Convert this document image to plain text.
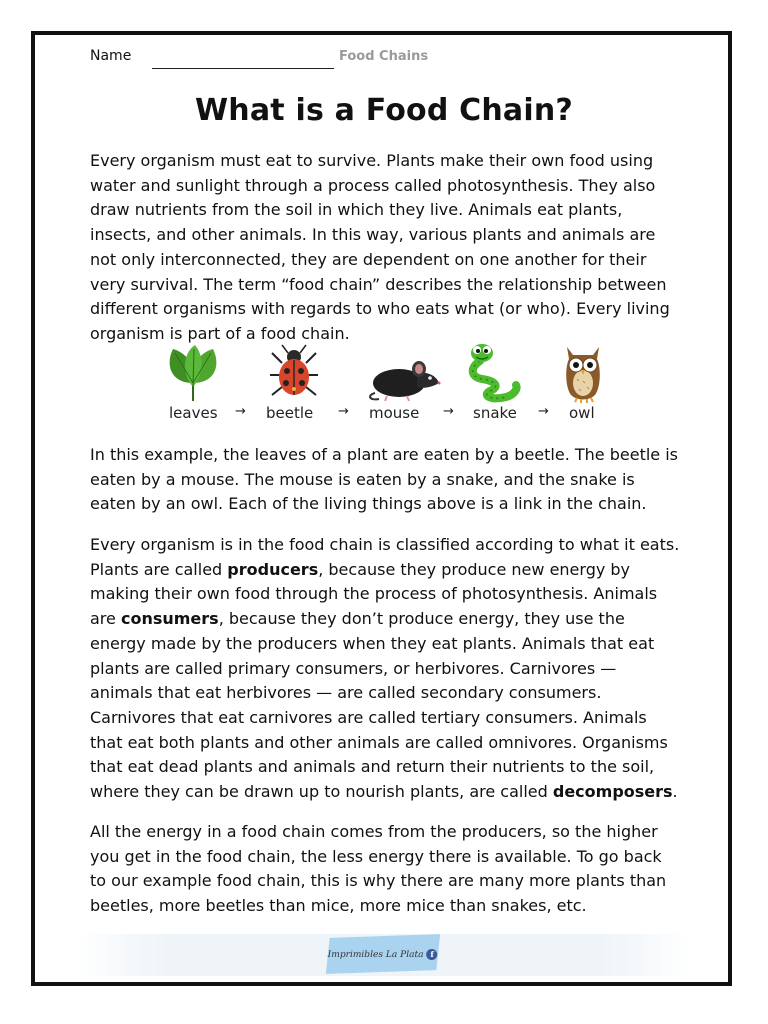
Name	Food Chains
What is a Food Chain?
Every organism must eat to survive. Plants make their own food using water and sunlight through a process called photosynthesis. They also draw nutrients from the soil in which they live. Animals eat plants, insects, and other animals. In this way, various plants and animals are not only interconnected, they are dependent on one another for their very survival. The term “food chain” describes the relationship between different organisms with regards to who eats what (or who). Every living organism is part of a food chain.
leaves → beetle → mouse → snake → owl
In this example, the leaves of a plant are eaten by a beetle. The beetle is eaten by a mouse. The mouse is eaten by a snake, and the snake is eaten by an owl. Each of the living things above is a link in the chain.
Every organism is in the food chain is classified according to what it eats. Plants are called producers, because they produce new energy by making their own food through the process of photosynthesis. Animals are consumers, because they don’t produce energy, they use the energy made by the producers when they eat plants. Animals that eat plants are called primary consumers, or herbivores. Carnivores — animals that eat herbivores — are called secondary consumers. Carnivores that eat carnivores are called tertiary consumers. Animals that eat both plants and other animals are called omnivores. Organisms that eat dead plants and animals and return their nutrients to the soil, where they can be drawn up to nourish plants, are called decomposers.
All the energy in a food chain comes from the producers, so the higher you get in the food chain, the less energy there is available. To go back to our example food chain, this is why there are many more plants than beetles, more beetles than mice, more mice than snakes, etc.
Imprimibles La Plata f
